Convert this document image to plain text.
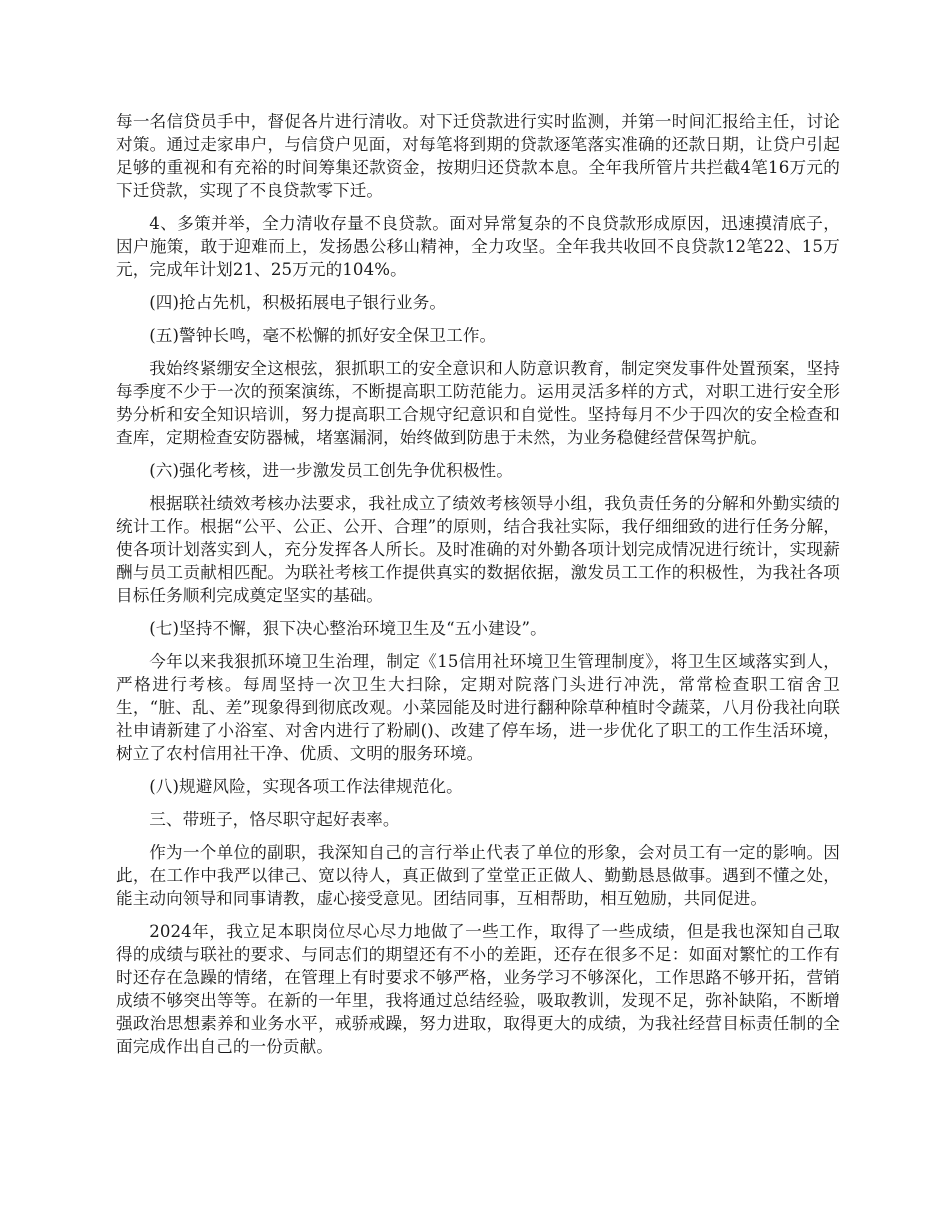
每一名信贷员手中，督促各片进行清收。对下迁贷款进行实时监测，并第一时间汇报给主任，讨论对策。通过走家串户，与信贷户见面，对每笔将到期的贷款逐笔落实准确的还款日期，让贷户引起足够的重视和有充裕的时间筹集还款资金，按期归还贷款本息。全年我所管片共拦截4笔16万元的下迁贷款，实现了不良贷款零下迁。

4、多策并举，全力清收存量不良贷款。面对异常复杂的不良贷款形成原因，迅速摸清底子，因户施策，敢于迎难而上，发扬愚公移山精神，全力攻坚。全年我共收回不良贷款12笔22、15万元，完成年计划21、25万元的104%。

(四)抢占先机，积极拓展电子银行业务。

(五)警钟长鸣，毫不松懈的抓好安全保卫工作。

我始终紧绷安全这根弦，狠抓职工的安全意识和人防意识教育，制定突发事件处置预案，坚持每季度不少于一次的预案演练，不断提高职工防范能力。运用灵活多样的方式，对职工进行安全形势分析和安全知识培训，努力提高职工合规守纪意识和自觉性。坚持每月不少于四次的安全检查和查库，定期检查安防器械，堵塞漏洞，始终做到防患于未然，为业务稳健经营保驾护航。

(六)强化考核，进一步激发员工创先争优积极性。

根据联社绩效考核办法要求，我社成立了绩效考核领导小组，我负责任务的分解和外勤实绩的统计工作。根据“公平、公正、公开、合理”的原则，结合我社实际，我仔细细致的进行任务分解，使各项计划落实到人，充分发挥各人所长。及时准确的对外勤各项计划完成情况进行统计，实现薪酬与员工贡献相匹配。为联社考核工作提供真实的数据依据，激发员工工作的积极性，为我社各项目标任务顺利完成奠定坚实的基础。

(七)坚持不懈，狠下决心整治环境卫生及“五小建设”。

今年以来我狠抓环境卫生治理，制定《15信用社环境卫生管理制度》，将卫生区域落实到人，严格进行考核。每周坚持一次卫生大扫除，定期对院落门头进行冲洗，常常检查职工宿舍卫生，“脏、乱、差”现象得到彻底改观。小菜园能及时进行翻种除草种植时令蔬菜，八月份我社向联社申请新建了小浴室、对舍内进行了粉刷()、改建了停车场，进一步优化了职工的工作生活环境，树立了农村信用社干净、优质、文明的服务环境。

(八)规避风险，实现各项工作法律规范化。

三、带班子，恪尽职守起好表率。

作为一个单位的副职，我深知自己的言行举止代表了单位的形象，会对员工有一定的影响。因此，在工作中我严以律己、宽以待人，真正做到了堂堂正正做人、勤勤恳恳做事。遇到不懂之处，能主动向领导和同事请教，虚心接受意见。团结同事，互相帮助，相互勉励，共同促进。

2024年，我立足本职岗位尽心尽力地做了一些工作，取得了一些成绩，但是我也深知自己取得的成绩与联社的要求、与同志们的期望还有不小的差距，还存在很多不足：如面对繁忙的工作有时还存在急躁的情绪，在管理上有时要求不够严格，业务学习不够深化，工作思路不够开拓，营销成绩不够突出等等。在新的一年里，我将通过总结经验，吸取教训，发现不足，弥补缺陷，不断增强政治思想素养和业务水平，戒骄戒躁，努力进取，取得更大的成绩，为我社经营目标责任制的全面完成作出自己的一份贡献。
